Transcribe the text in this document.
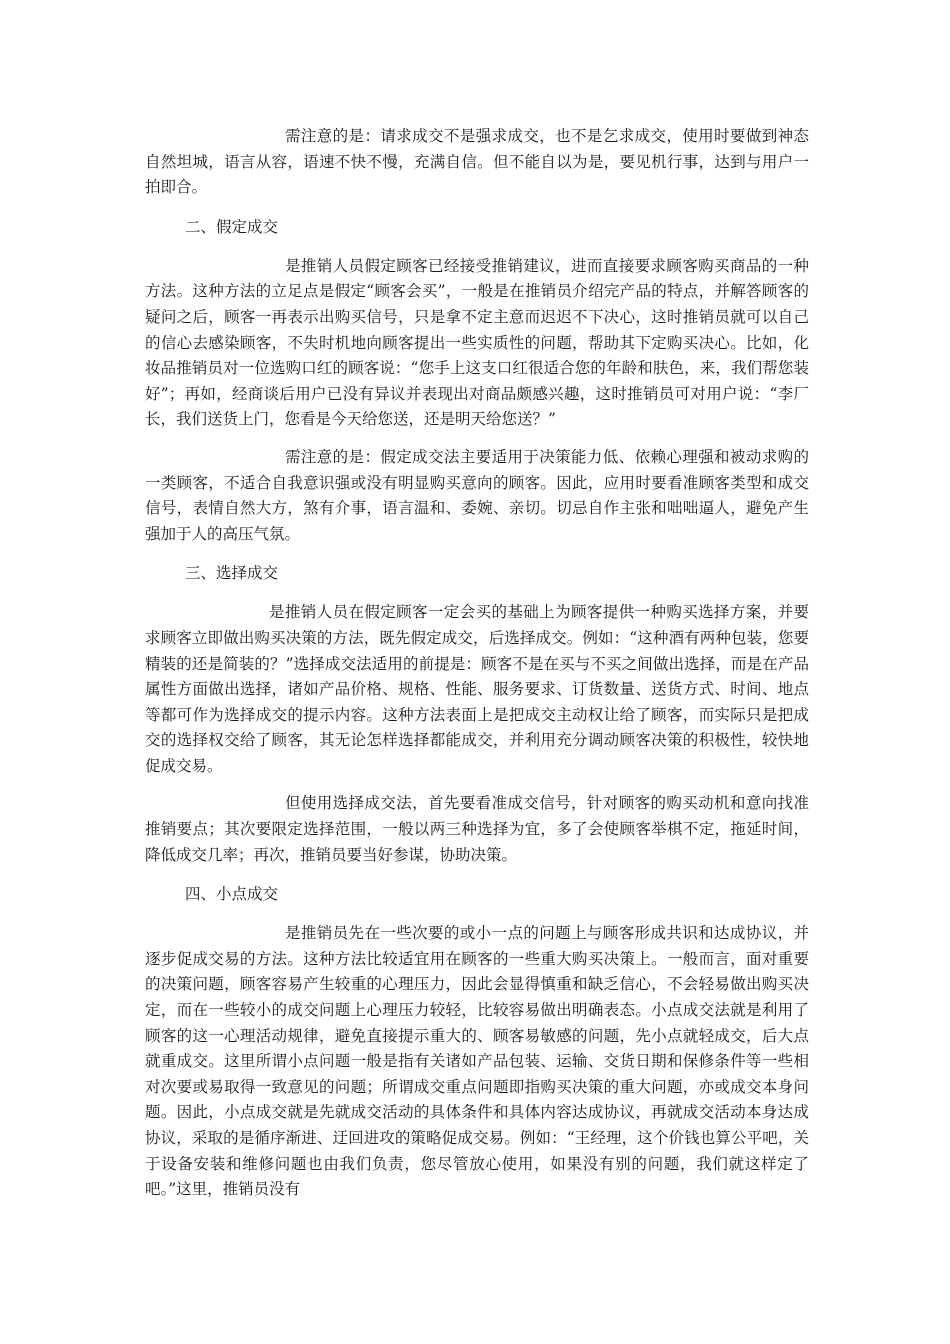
需注意的是：请求成交不是强求成交，也不是乞求成交，使用时要做到神态自然坦城，语言从容，语速不快不慢，充满自信。但不能自以为是，要见机行事，达到与用户一拍即合。

二、假定成交

是推销人员假定顾客已经接受推销建议，进而直接要求顾客购买商品的一种方法。这种方法的立足点是假定“顾客会买”，一般是在推销员介绍完产品的特点，并解答顾客的疑问之后，顾客一再表示出购买信号，只是拿不定主意而迟迟不下决心，这时推销员就可以自己的信心去感染顾客，不失时机地向顾客提出一些实质性的问题，帮助其下定购买决心。比如，化妆品推销员对一位选购口红的顾客说：“您手上这支口红很适合您的年龄和肤色，来，我们帮您装好”；再如，经商谈后用户已没有异议并表现出对商品颇感兴趣，这时推销员可对用户说：“李厂长，我们送货上门，您看是今天给您送，还是明天给您送？”

需注意的是：假定成交法主要适用于决策能力低、依赖心理强和被动求购的一类顾客，不适合自我意识强或没有明显购买意向的顾客。因此，应用时要看准顾客类型和成交信号，表情自然大方，煞有介事，语言温和、委婉、亲切。切忌自作主张和咄咄逼人，避免产生强加于人的高压气氛。

三、选择成交

是推销人员在假定顾客一定会买的基础上为顾客提供一种购买选择方案，并要求顾客立即做出购买决策的方法，既先假定成交，后选择成交。例如：“这种酒有两种包装，您要精装的还是简装的？”选择成交法适用的前提是：顾客不是在买与不买之间做出选择，而是在产品属性方面做出选择，诸如产品价格、规格、性能、服务要求、订货数量、送货方式、时间、地点等都可作为选择成交的提示内容。这种方法表面上是把成交主动权让给了顾客，而实际只是把成交的选择权交给了顾客，其无论怎样选择都能成交，并利用充分调动顾客决策的积极性，较快地促成交易。

但使用选择成交法，首先要看准成交信号，针对顾客的购买动机和意向找准推销要点；其次要限定选择范围，一般以两三种选择为宜，多了会使顾客举棋不定，拖延时间，降低成交几率；再次，推销员要当好参谋，协助决策。

四、小点成交

是推销员先在一些次要的或小一点的问题上与顾客形成共识和达成协议，并逐步促成交易的方法。这种方法比较适宜用在顾客的一些重大购买决策上。一般而言，面对重要的决策问题，顾客容易产生较重的心理压力，因此会显得慎重和缺乏信心，不会轻易做出购买决定，而在一些较小的成交问题上心理压力较轻，比较容易做出明确表态。小点成交法就是利用了顾客的这一心理活动规律，避免直接提示重大的、顾客易敏感的问题，先小点就轻成交，后大点就重成交。这里所谓小点问题一般是指有关诸如产品包装、运输、交货日期和保修条件等一些相对次要或易取得一致意见的问题；所谓成交重点问题即指购买决策的重大问题，亦或成交本身问题。因此，小点成交就是先就成交活动的具体条件和具体内容达成协议，再就成交活动本身达成协议，采取的是循序渐进、迂回进攻的策略促成交易。例如：“王经理，这个价钱也算公平吧，关于设备安装和维修问题也由我们负责，您尽管放心使用，如果没有别的问题，我们就这样定了吧。”这里，推销员没有
